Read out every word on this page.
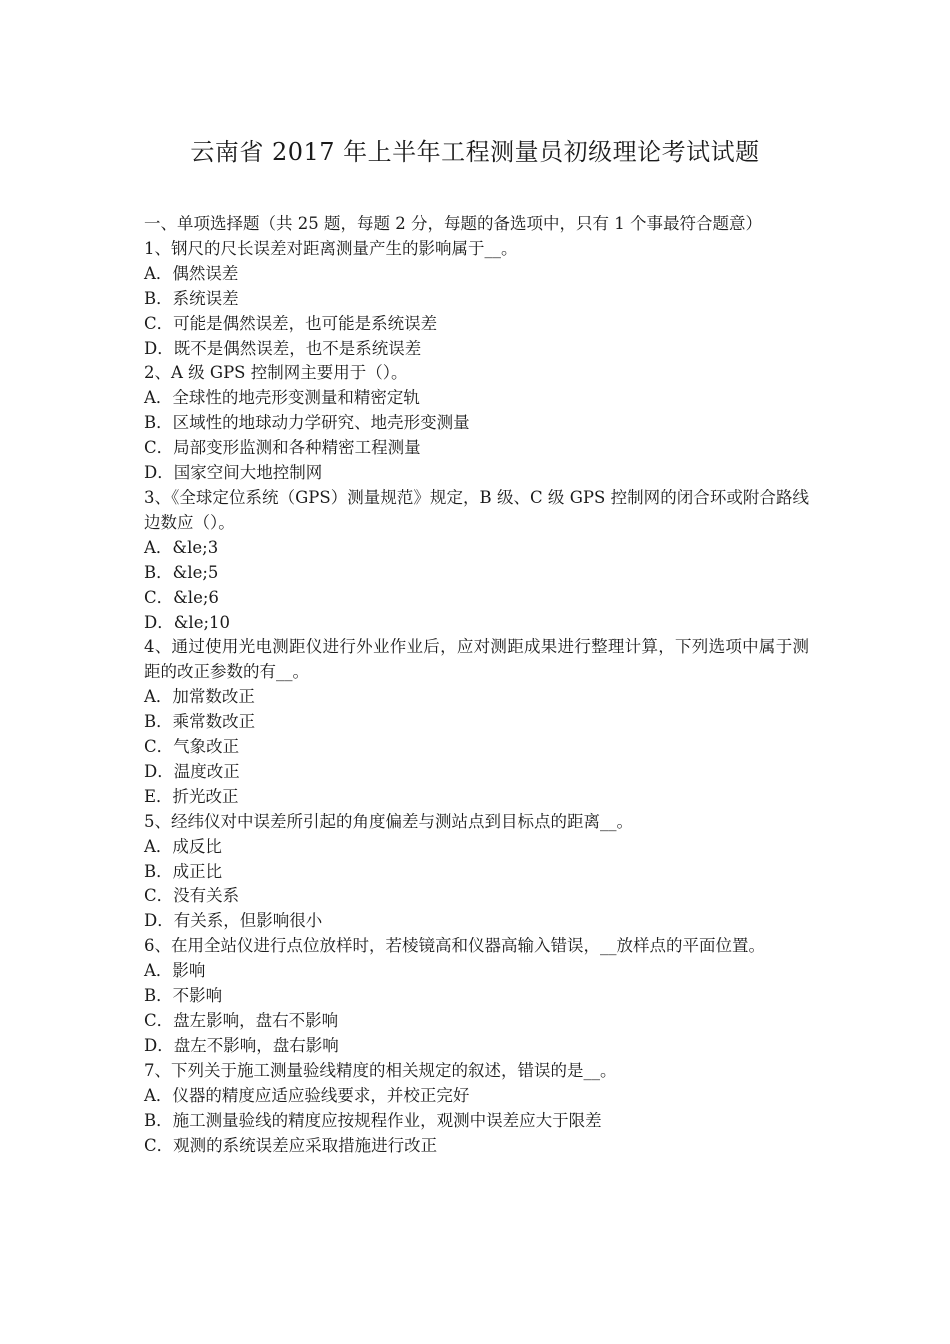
云南省 2017 年上半年工程测量员初级理论考试试题

一、单项选择题（共 25 题，每题 2 分，每题的备选项中，只有 1 个事最符合题意）

1、钢尺的尺长误差对距离测量产生的影响属于__。

A．偶然误差

B．系统误差

C．可能是偶然误差，也可能是系统误差

D．既不是偶然误差，也不是系统误差

2、A 级 GPS 控制网主要用于（）。

A．全球性的地壳形变测量和精密定轨

B．区域性的地球动力学研究、地壳形变测量

C．局部变形监测和各种精密工程测量

D．国家空间大地控制网

3、《全球定位系统（GPS）测量规范》规定，B 级、C 级 GPS 控制网的闭合环或附合路线边数应（）。

A．&le;3

B．&le;5

C．&le;6

D．&le;10

4、通过使用光电测距仪进行外业作业后，应对测距成果进行整理计算，下列选项中属于测距的改正参数的有__。

A．加常数改正

B．乘常数改正

C．气象改正

D．温度改正

E．折光改正

5、经纬仪对中误差所引起的角度偏差与测站点到目标点的距离__。

A．成反比

B．成正比

C．没有关系

D．有关系，但影响很小

6、在用全站仪进行点位放样时，若棱镜高和仪器高输入错误，__放样点的平面位置。

A．影响

B．不影响

C．盘左影响，盘右不影响

D．盘左不影响，盘右影响

7、下列关于施工测量验线精度的相关规定的叙述，错误的是__。

A．仪器的精度应适应验线要求，并校正完好

B．施工测量验线的精度应按规程作业，观测中误差应大于限差

C．观测的系统误差应采取措施进行改正
